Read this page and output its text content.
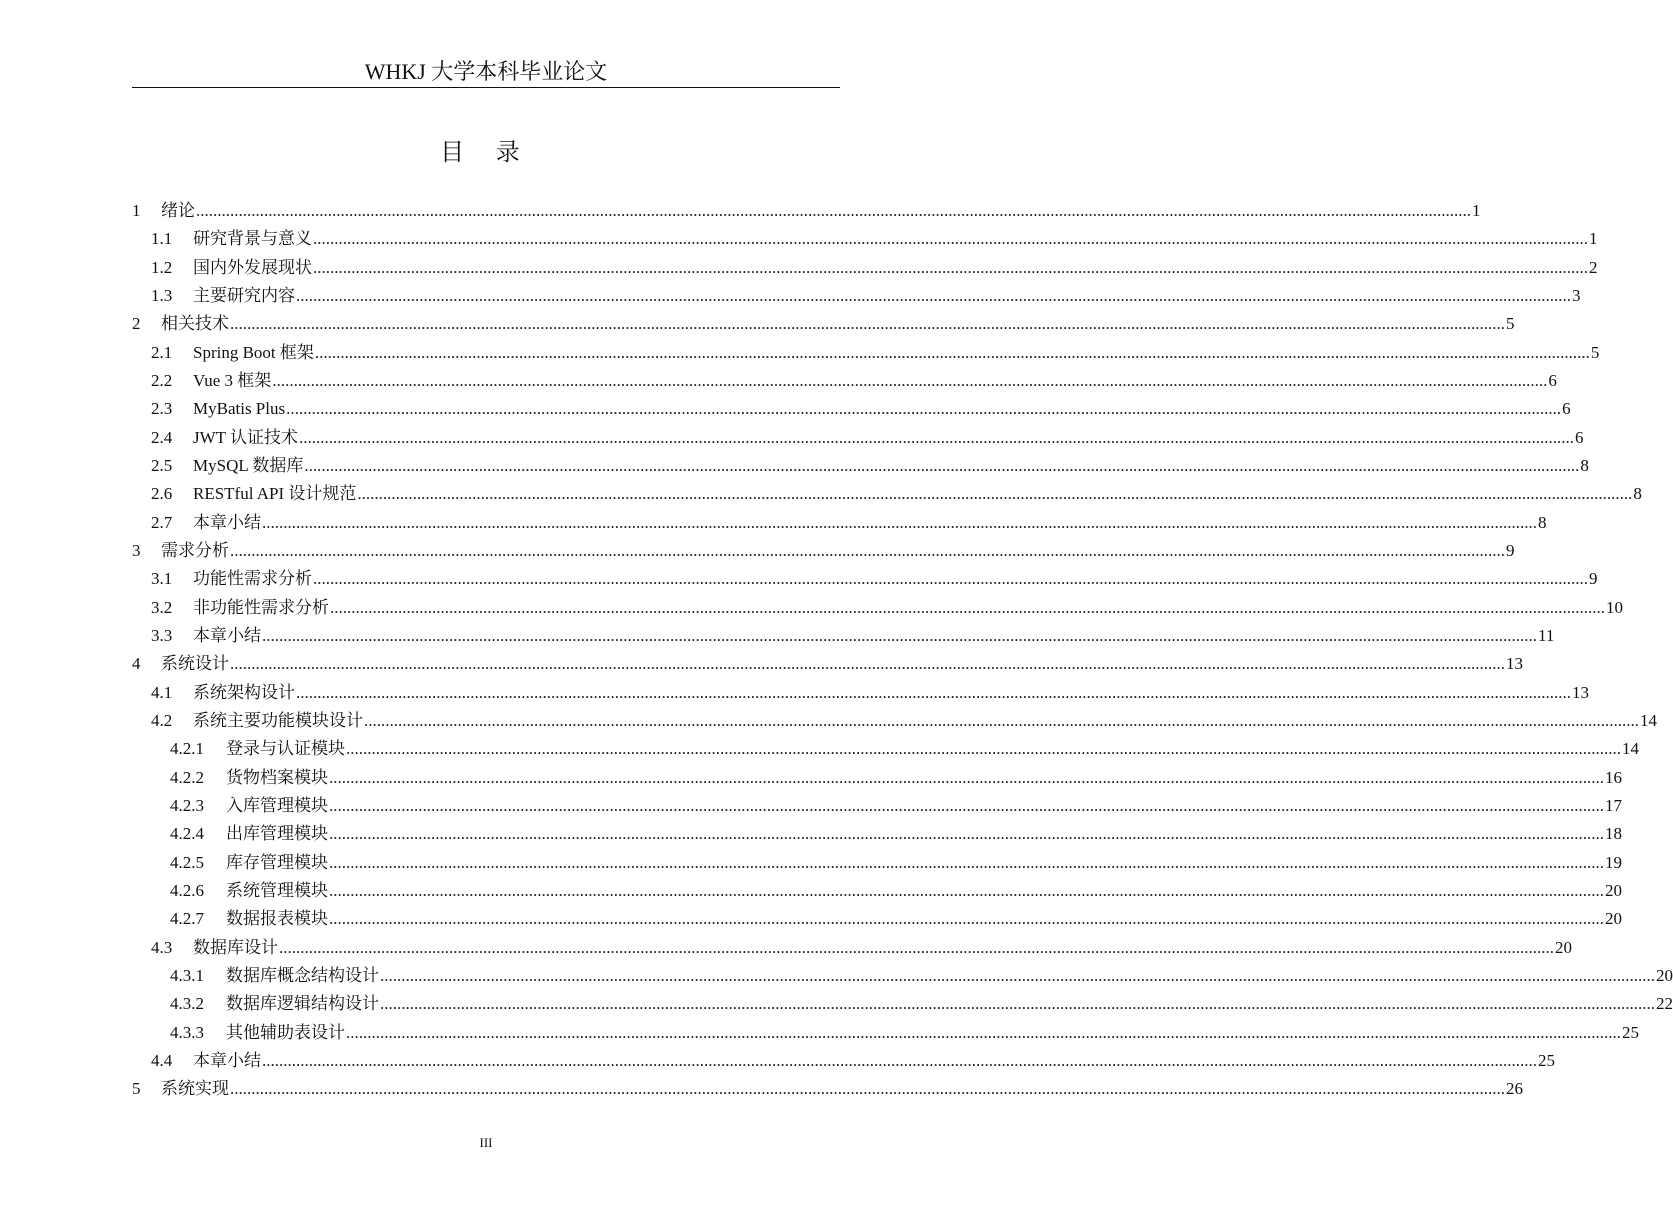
WHKJ 大学本科毕业论文
目 录
1	绪论 ............................................................................................................................................................................................................................................................................................................ 1
1.1	研究背景与意义 ............................................................................................................................................................................................................................................................................................................ 1
1.2	国内外发展现状 ............................................................................................................................................................................................................................................................................................................ 2
1.3	主要研究内容 ............................................................................................................................................................................................................................................................................................................ 3
2	相关技术 ............................................................................................................................................................................................................................................................................................................ 5
2.1	Spring Boot 框架 ............................................................................................................................................................................................................................................................................................................ 5
2.2	Vue 3 框架 ............................................................................................................................................................................................................................................................................................................ 6
2.3	MyBatis Plus ............................................................................................................................................................................................................................................................................................................ 6
2.4	JWT 认证技术 ............................................................................................................................................................................................................................................................................................................ 6
2.5	MySQL 数据库 ............................................................................................................................................................................................................................................................................................................ 8
2.6	RESTful API 设计规范 ............................................................................................................................................................................................................................................................................................................ 8
2.7	本章小结 ............................................................................................................................................................................................................................................................................................................ 8
3	需求分析 ............................................................................................................................................................................................................................................................................................................ 9
3.1	功能性需求分析 ............................................................................................................................................................................................................................................................................................................ 9
3.2	非功能性需求分析 ............................................................................................................................................................................................................................................................................................................ 10
3.3	本章小结 ............................................................................................................................................................................................................................................................................................................ 11
4	系统设计 ............................................................................................................................................................................................................................................................................................................ 13
4.1	系统架构设计 ............................................................................................................................................................................................................................................................................................................ 13
4.2	系统主要功能模块设计 ............................................................................................................................................................................................................................................................................................................ 14
4.2.1	登录与认证模块 ............................................................................................................................................................................................................................................................................................................ 14
4.2.2	货物档案模块 ............................................................................................................................................................................................................................................................................................................ 16
4.2.3	入库管理模块 ............................................................................................................................................................................................................................................................................................................ 17
4.2.4	出库管理模块 ............................................................................................................................................................................................................................................................................................................ 18
4.2.5	库存管理模块 ............................................................................................................................................................................................................................................................................................................ 19
4.2.6	系统管理模块 ............................................................................................................................................................................................................................................................................................................ 20
4.2.7	数据报表模块 ............................................................................................................................................................................................................................................................................................................ 20
4.3	数据库设计 ............................................................................................................................................................................................................................................................................................................ 20
4.3.1	数据库概念结构设计 ............................................................................................................................................................................................................................................................................................................ 20
4.3.2	数据库逻辑结构设计 ............................................................................................................................................................................................................................................................................................................ 22
4.3.3	其他辅助表设计 ............................................................................................................................................................................................................................................................................................................ 25
4.4	本章小结 ............................................................................................................................................................................................................................................................................................................ 25
5	系统实现 ............................................................................................................................................................................................................................................................................................................ 26
III
